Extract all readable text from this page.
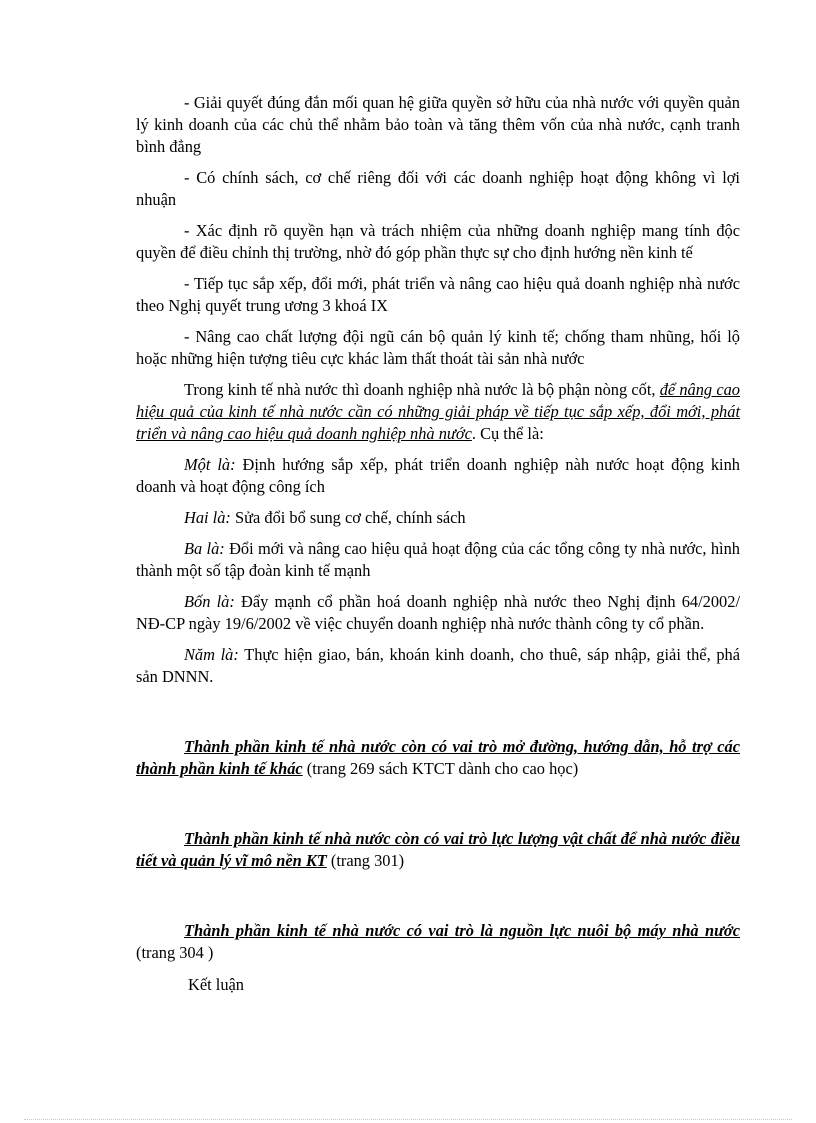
- Giải quyết đúng đắn mối quan hệ giữa quyền sở hữu của nhà nước với quyền quản lý kinh doanh của các chủ thể nhằm bảo toàn và tăng thêm vốn của nhà nước, cạnh tranh bình đẳng

- Có chính sách, cơ chế riêng đối với các doanh nghiệp hoạt động không vì lợi nhuận

- Xác định rõ quyền hạn và trách nhiệm của những doanh nghiệp mang tính độc quyền để điều chỉnh thị trường, nhờ đó góp phần thực sự cho định hướng nền kinh tế

- Tiếp tục sắp xếp, đổi mới, phát triển và nâng cao hiệu quả doanh nghiệp nhà nước theo Nghị quyết trung ương 3 khoá IX

- Nâng cao chất lượng đội ngũ cán bộ quản lý kinh tế; chống tham nhũng, hối lộ hoặc những hiện tượng tiêu cực khác làm thất thoát tài sản nhà nước

Trong kinh tế nhà nước thì doanh nghiệp nhà nước là bộ phận nòng cốt, để nâng cao hiệu quả của kinh tế nhà nước cần có những giải pháp về tiếp tục sắp xếp, đổi mới, phát triển và nâng cao hiệu quả doanh nghiệp nhà nước. Cụ thể là:

Một là: Định hướng sắp xếp, phát triển doanh nghiệp nàh nước hoạt động kinh doanh và hoạt động công ích

Hai là: Sửa đổi bổ sung cơ chế, chính sách

Ba là: Đổi mới và nâng cao hiệu quả hoạt động của các tổng công ty nhà nước, hình thành một số tập đoàn kinh tế mạnh

Bốn là: Đẩy mạnh cổ phần hoá doanh nghiệp nhà nước theo Nghị định 64/2002/ NĐ-CP ngày 19/6/2002 về việc chuyển doanh nghiệp nhà nước thành công ty cổ phần.

Năm là: Thực hiện giao, bán, khoán kinh doanh, cho thuê, sáp nhập, giải thể, phá sản DNNN.

Thành phần kinh tế nhà nước còn có vai trò mở đường, hướng dẫn, hỗ trợ các thành phần kinh tế khác (trang 269 sách KTCT dành cho cao học)

Thành phần kinh tế nhà nước còn có vai trò lực lượng vật chất để nhà nước điều tiết và quản lý vĩ mô nền KT (trang 301)

Thành phần kinh tế nhà nước có vai trò là nguồn lực nuôi bộ máy nhà nước (trang 304 )

Kết luận
